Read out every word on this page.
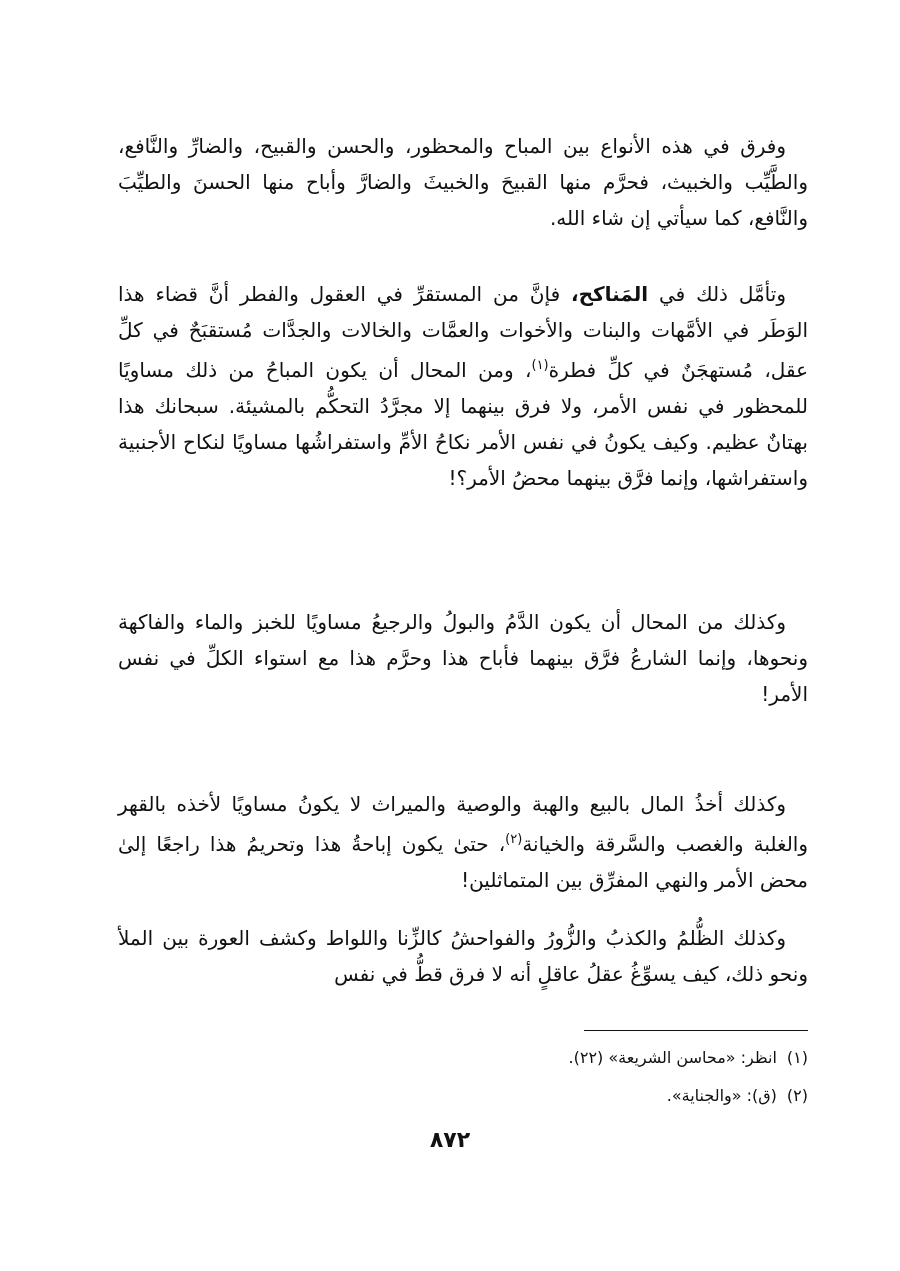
وفرق في هذه الأنواع بين المباح والمحظور، والحسن والقبيح، والضارِّ والنَّافع، والطَّيِّب والخبيث، فحرَّم منها القبيحَ والخبيثَ والضارَّ وأباح منها الحسنَ والطيِّبَ والنَّافع، كما سيأتي إن شاء الله.

وتأمَّل ذلك في المَناكح، فإنَّ من المستقرِّ في العقول والفطر أنَّ قضاء هذا الوَطَر في الأمَّهات والبنات والأخوات والعمَّات والخالات والجدَّات مُستقبَحٌ في كلِّ عقل، مُستهجَنٌ في كلِّ فطرة$^{(١)}$، ومن المحال أن يكون المباحُ من ذلك مساويًا للمحظور في نفس الأمر، ولا فرق بينهما إلا مجرَّدُ التحكُّم بالمشيئة. سبحانك هذا بهتانٌ عظيم. وكيف يكونُ في نفس الأمر نكاحُ الأمِّ واستفراشُها مساويًا لنكاح الأجنبية واستفراشها، وإنما فرَّق بينهما محضُ الأمر؟!

وكذلك من المحال أن يكون الدَّمُ والبولُ والرجيعُ مساويًا للخبز والماء والفاكهة ونحوها، وإنما الشارعُ فرَّق بينهما فأباح هذا وحرَّم هذا مع استواء الكلِّ في نفس الأمر!

وكذلك أخذُ المال بالبيع والهبة والوصية والميراث لا يكونُ مساويًا لأخذه بالقهر والغلبة والغصب والسَّرقة والخيانة$^{(٢)}$، حتىٰ يكون إباحةُ هذا وتحريمُ هذا راجعًا إلىٰ محض الأمر والنهي المفرِّق بين المتماثلين!

وكذلك الظُّلمُ والكذبُ والزُّورُ والفواحشُ كالزِّنا واللواط وكشف العورة بين الملأ ونحو ذلك، كيف يسوِّغُ عقلُ عاقلٍ أنه لا فرق قطُّ في نفس

(١)انظر: «محاسن الشريعة» (٢٢).
(٢)(ق): «والجناية».
٨٧٢
